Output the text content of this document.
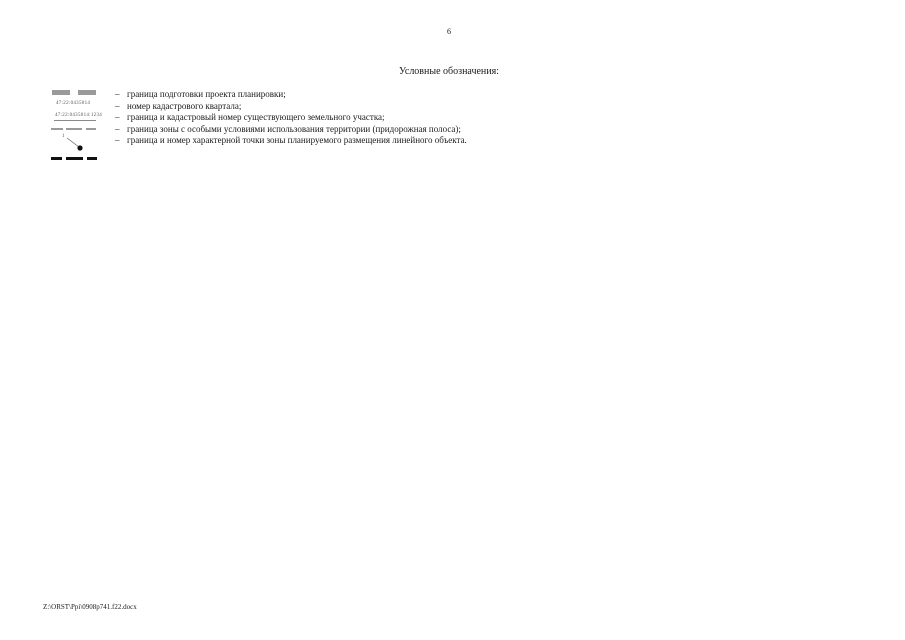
6
Условные обозначения:
47:22:0435014
47:22:0435014:1234
1
– граница подготовки проекта планировки;
– номер кадастрового квартала;
– граница и кадастровый номер существующего земельного участка;
– граница зоны с особыми условиями использования территории (придорожная полоса);
– граница и номер характерной точки зоны планируемого размещения линейного объекта.
Z:\ORST\Ppi\0908p741.f22.docx
